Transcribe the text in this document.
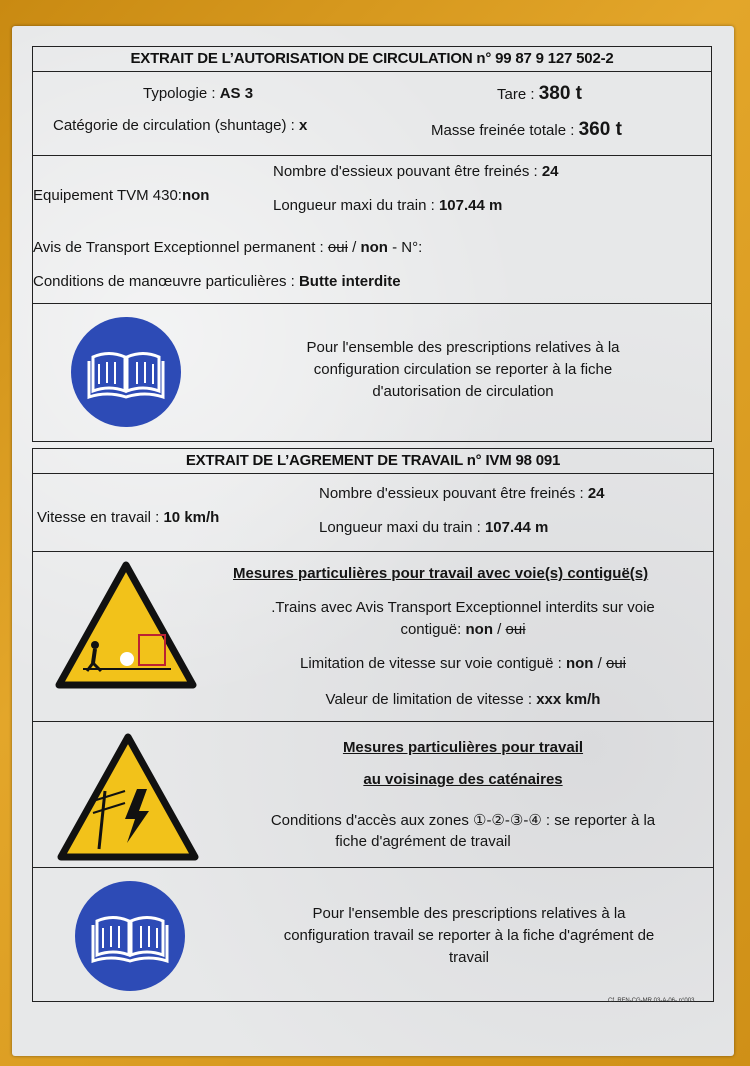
EXTRAIT DE L’AUTORISATION DE CIRCULATION n° 99 87 9 127 502-2
Typologie : AS 3	Tare : 380 t
Catégorie de circulation (shuntage) : x	Masse freinée totale : 360 t
Equipement TVM 430:non
Nombre d'essieux pouvant être freinés : 24
Longueur maxi du train : 107.44 m
Avis de Transport Exceptionnel permanent : oui / non - N°:
Conditions de manœuvre particulières : Butte interdite
Pour l'ensemble des prescriptions relatives à la
configuration circulation se reporter à la fiche
d'autorisation de circulation
EXTRAIT DE L’AGREMENT DE TRAVAIL n° IVM 98 091
Vitesse en travail : 10 km/h
Nombre d'essieux pouvant être freinés : 24
Longueur maxi du train : 107.44 m
Mesures particulières pour travail avec voie(s) contiguë(s)
.Trains avec Avis Transport Exceptionnel interdits sur voie
contiguë: non / oui
Limitation de vitesse sur voie contiguë : non / oui
Valeur de limitation de vitesse : xxx km/h
Mesures particulières pour travail
au voisinage des caténaires
Conditions d'accès aux zones ①-②-③-④ : se reporter à la
fiche d'agrément de travail
Pour l'ensemble des prescriptions relatives à la
configuration travail se reporter à la fiche d'agrément de
travail
Cf. RFN-CG-MR 03-A-06- n°003
